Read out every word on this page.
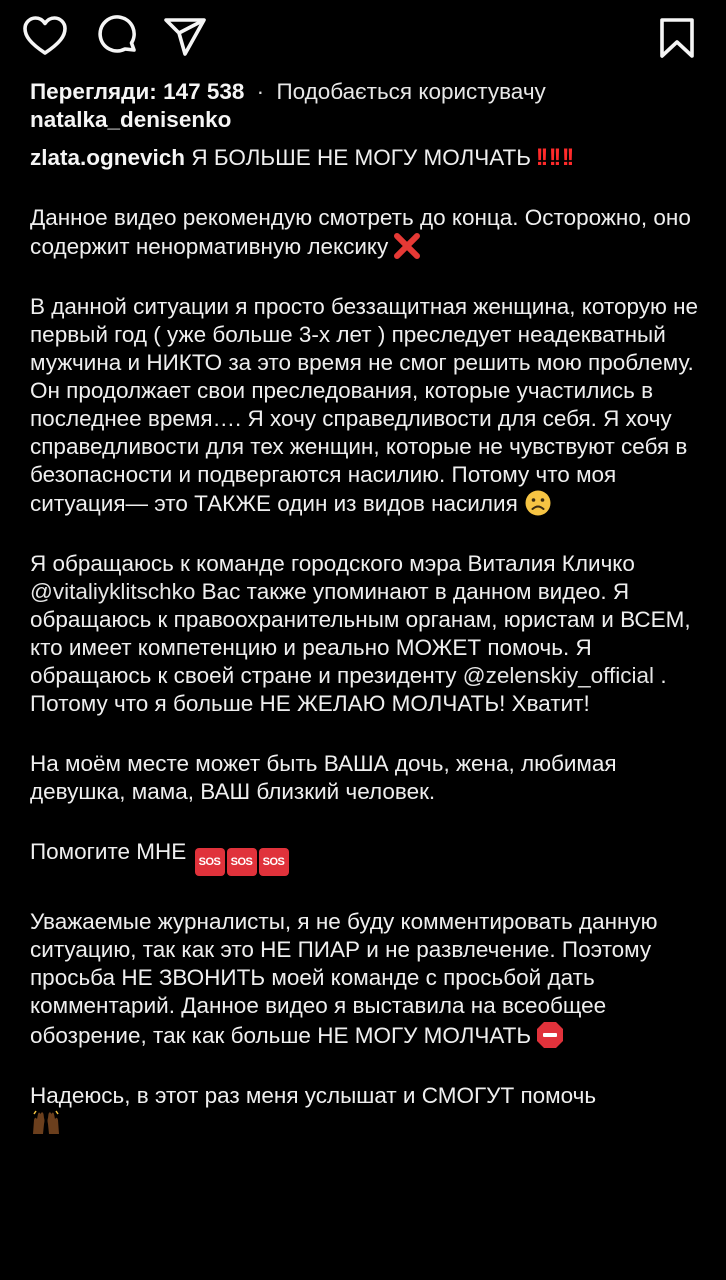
Перегляди: 147 538 · Подобається користувачу
natalka_denisenko

zlata.ognevich Я БОЛЬШЕ НЕ МОГУ МОЛЧАТЬ !! !! !!

Данное видео рекомендую смотреть до конца. Осторожно, оно содержит ненормативную лексику

В данной ситуации я просто беззащитная женщина, которую не первый год ( уже больше 3-х лет ) преследует неадекватный мужчина и НИКТО за это время не смог решить мою проблему. Он продолжает свои преследования, которые участились в последнее время…. Я хочу справедливости для себя. Я хочу справедливости для тех женщин, которые не чувствуют себя в безопасности и подвергаются насилию. Потому что моя ситуация— это ТАКЖЕ один из видов насилия

Я обращаюсь к команде городского мэра Виталия Кличко @vitaliyklitschko Вас также упоминают в данном видео. Я обращаюсь к правоохранительным органам, юристам и ВСЕМ, кто имеет компетенцию и реально МОЖЕТ помочь. Я обращаюсь к своей стране и президенту @zelenskiy_official . Потому что я больше НЕ ЖЕЛАЮ МОЛЧАТЬ! Хватит!

На моём месте может быть ВАША дочь, жена, любимая девушка, мама, ВАШ близкий человек.

Помогите МНЕ SOS SOS SOS

Уважаемые журналисты, я не буду комментировать данную ситуацию, так как это НЕ ПИАР и не развлечение. Поэтому просьба НЕ ЗВОНИТЬ моей команде с просьбой дать комментарий. Данное видео я выставила на всеобщее обозрение, так как больше НЕ МОГУ МОЛЧАТЬ

Надеюсь, в этот раз меня услышат и СМОГУТ помочь
